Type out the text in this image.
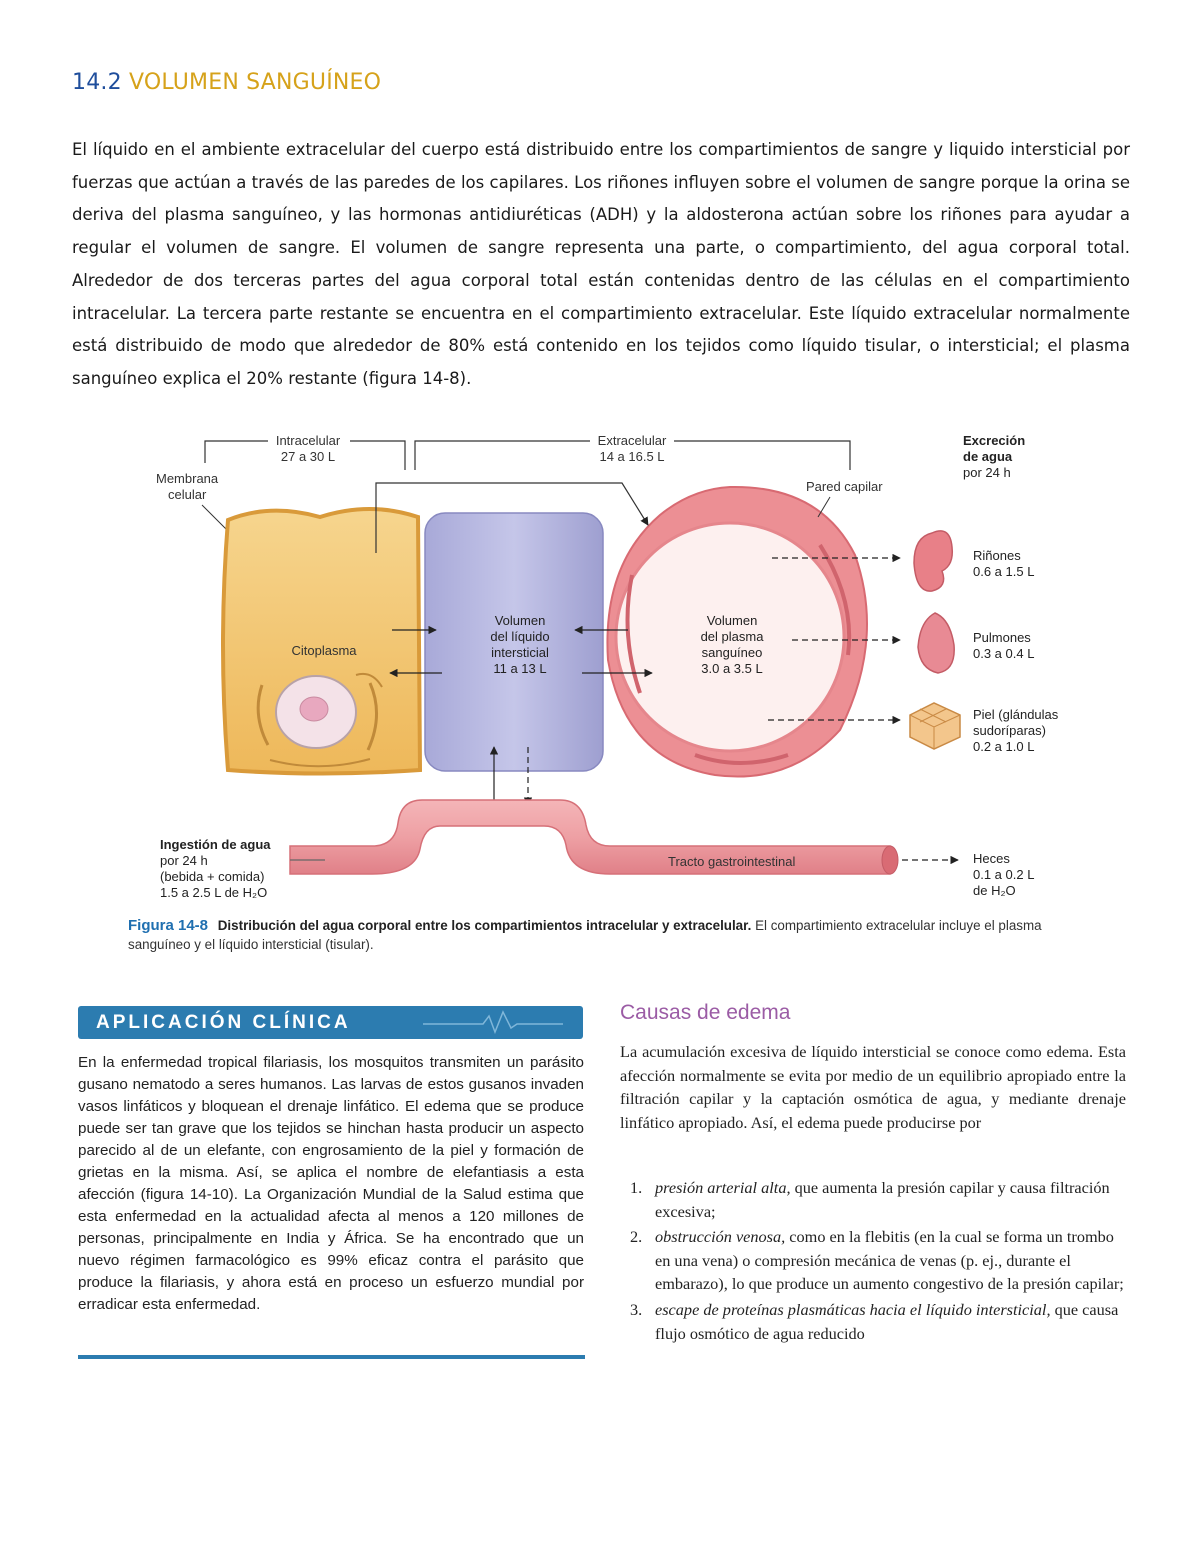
14.2 VOLUMEN SANGUÍNEO

El líquido en el ambiente extracelular del cuerpo está distribuido entre los compartimientos de sangre y liquido intersticial por fuerzas que actúan a través de las paredes de los capilares. Los riñones influyen sobre el volumen de sangre porque la orina se deriva del plasma sanguíneo, y las hormonas antidiuréticas (ADH) y la aldosterona actúan sobre los riñones para ayudar a regular el volumen de sangre. El volumen de sangre representa una parte, o compartimiento, del agua corporal total. Alrededor de dos terceras partes del agua corporal total están contenidas dentro de las células en el compartimiento intracelular. La tercera parte restante se encuentra en el compartimiento extracelular. Este líquido extracelular normalmente está distribuido de modo que alrededor de 80% está contenido en los tejidos como líquido tisular, o intersticial; el plasma sanguíneo explica el 20% restante (figura 14-8).

Intracelular
27 a 30 L
Extracelular
14 a 16.5 L
Membrana
celular
Citoplasma
Volumen
del líquido
intersticial
11 a 13 L
Volumen
del plasma
sanguíneo
3.0 a 3.5 L
Pared capilar
Excreción
de agua
por 24 h
Riñones
0.6 a 1.5 L
Pulmones
0.3 a 0.4 L
Piel (glándulas
sudoríparas)
0.2 a 1.0 L
Tracto gastrointestinal
Ingestión de agua
por 24 h
(bebida + comida)
1.5 a 2.5 L de H₂O
Heces
0.1 a 0.2 L
de H₂O

Figura 14-8 Distribución del agua corporal entre los compartimientos intracelular y extracelular. El compartimiento extracelular incluye el plasma sanguíneo y el líquido intersticial (tisular).

APLICACIÓN CLÍNICA

En la enfermedad tropical filariasis, los mosquitos transmiten un parásito gusano nematodo a seres humanos. Las larvas de estos gusanos invaden vasos linfáticos y bloquean el drenaje linfático. El edema que se produce puede ser tan grave que los tejidos se hinchan hasta producir un aspecto parecido al de un elefante, con engrosamiento de la piel y formación de grietas en la misma. Así, se aplica el nombre de elefantiasis a esta afección (figura 14-10). La Organización Mundial de la Salud estima que esta enfermedad en la actualidad afecta al menos a 120 millones de personas, principalmente en India y África. Se ha encontrado que un nuevo régimen farmacológico es 99% eficaz contra el parásito que produce la filariasis, y ahora está en proceso un esfuerzo mundial por erradicar esta enfermedad.

Causas de edema

La acumulación excesiva de líquido intersticial se conoce como edema. Esta afección normalmente se evita por medio de un equilibrio apropiado entre la filtración capilar y la captación osmótica de agua, y mediante drenaje linfático apropiado. Así, el edema puede producirse por

1. presión arterial alta, que aumenta la presión capilar y causa filtración excesiva;
2. obstrucción venosa, como en la flebitis (en la cual se forma un trombo en una vena) o compresión mecánica de venas (p. ej., durante el embarazo), lo que produce un aumento congestivo de la presión capilar;
3. escape de proteínas plasmáticas hacia el líquido intersticial, que causa flujo osmótico de agua reducido
